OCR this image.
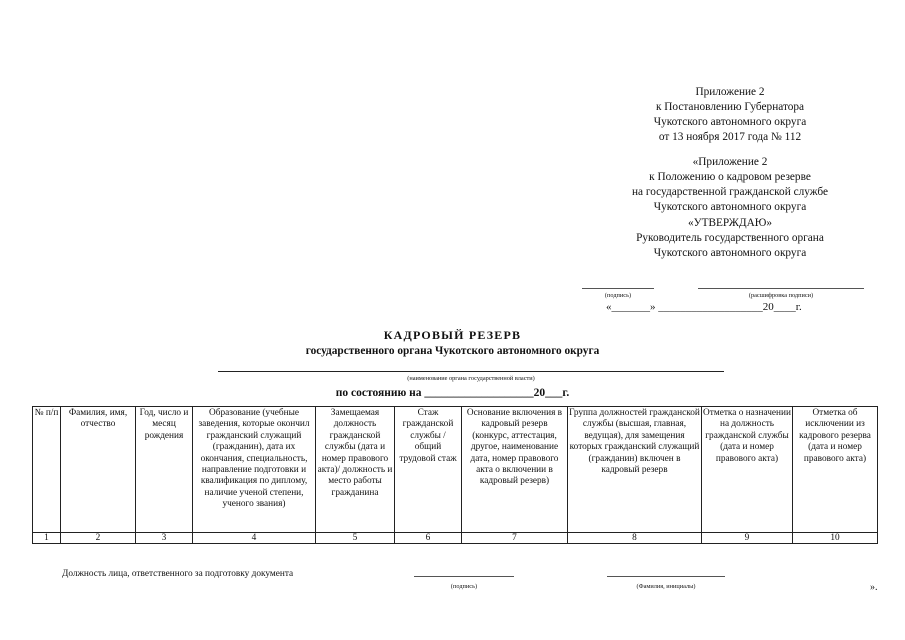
Приложение 2
к Постановлению Губернатора
Чукотского автономного округа
от 13 ноября 2017 года № 112
«Приложение 2
к Положению о кадровом резерве
на государственной гражданской службе
Чукотского автономного округа
«УТВЕРЖДАЮ»
Руководитель государственного органа
Чукотского автономного округа
(подпись)	(расшифровка подписи)
«_______» ___________________20____г.
КАДРОВЫЙ РЕЗЕРВ
государственного органа Чукотского автономного округа
(наименование органа государственной власти)
по состоянию на ___________________20___г.
№ п/п	Фамилия, имя, отчество	Год, число и месяц рождения	Образование (учебные заведения, которые окончил гражданский служащий (гражданин), дата их окончания, специальность, направление подготовки и квалификация по диплому, наличие ученой степени, ученого звания)	Замещаемая должность гражданской службы (дата и номер правового акта)/ должность и место работы гражданина	Стаж гражданской службы / общий трудовой стаж	Основание включения в кадровый резерв (конкурс, аттестация, другое, наименование дата, номер правового акта о включении в кадровый резерв)	Группа должностей гражданской службы (высшая, главная, ведущая), для замещения которых гражданский служащий (гражданин) включен в кадровый резерв	Отметка о назначении на должность гражданской службы (дата и номер правового акта)	Отметка об исключении из кадрового резерва (дата и номер правового акта)
1	2	3	4	5	6	7	8	9	10
Должность лица, ответственного за подготовку документа
(подпись)	(Фамилия, инициалы)	».
